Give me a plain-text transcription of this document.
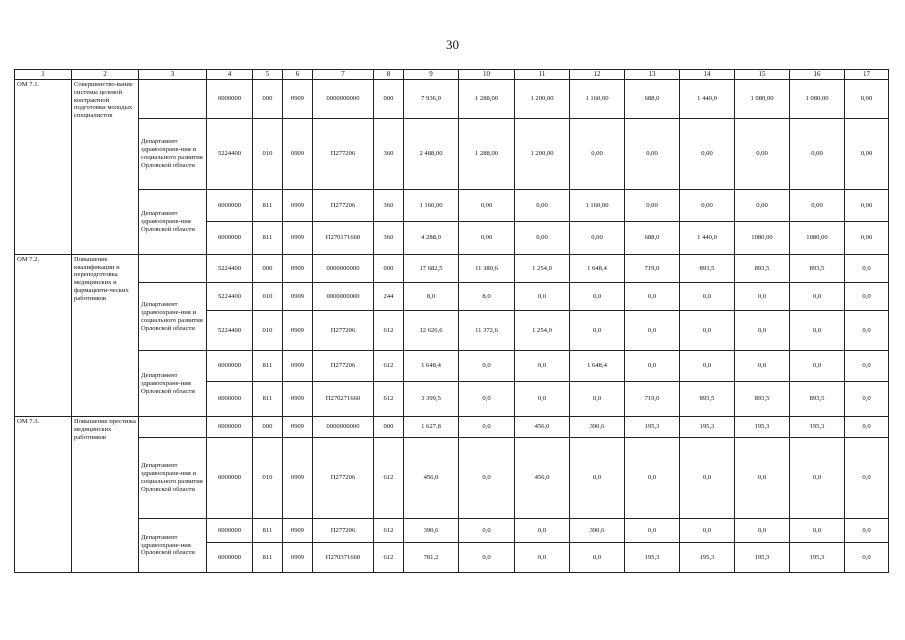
30
1	2	3	4	5	6	7	8	9	10	11	12	13	14	15	16	17
ОМ 7.1.	Совершенство-вание системы целевой контрактной подготовки молодых специалистов		0000000	000	0909	0000000000	000	7 936,0	1 288,00	1 200,00	1 160,00	688,0	1 440,0	1 080,00	1 080,00	0,00
		Департамент здравоохране-ния и социального развития Орловской области	5224400	010	0909	П277206	360	2 488,00	1 288,00	1 200,00	0,00	0,00	0,00	0,00	0,00	0,00
		Департамент здравоохране-ния Орловской области	0000000	811	0909	П277206	360	1 160,00	0,00	0,00	1 160,00	0,00	0,00	0,00	0,00	0,00
			0000000	811	0909	П270171660	360	4 288,0	0,00	0,00	0,00	688,0	1 440,0	1080,00	1080,00	0,00
ОМ 7.2.	Повышение квалификации и переподготовка медицинских и фармацевти-ческих работников		5224400	000	0909	0000000000	000	17 682,5	11 380,6	1 254,0	1 648,4	719,0	893,5	893,5	893,5	0,0
		Департамент здравоохране-ния и социального развития Орловской области	5224400	010	0909	0000000000	244	8,0	8,0	0,0	0,0	0,0	0,0	0,0	0,0	0,0
			5224400	010	0909	П277206	612	12 626,6	11 372,6	1 254,0	0,0	0,0	0,0	0,0	0,0	0,0
		Департамент здравоохране-ния Орловской области	0000000	811	0909	П277206	612	1 648,4	0,0	0,0	1 648,4	0,0	0,0	0,0	0,0	0,0
			0000000	811	0909	П270271660	612	3 399,5	0,0	0,0	0,0	719,0	893,5	893,5	893,5	0,0
ОМ 7.3.	Повышение престижа медицинских работников		0000000	000	0909	0000000000	000	1 627,8	0,0	456,0	390,6	195,3	195,3	195,3	195,3	0,0
		Департамент здравоохране-ния и социального развития Орловской области	0000000	010	0909	П277206	612	456,0	0,0	456,0	0,0	0,0	0,0	0,0	0,0	0,0
		Департамент здравоохране-ния Орловской области	0000000	811	0909	П277206	612	390,6	0,0	0,0	390,6	0,0	0,0	0,0	0,0	0,0
			0000000	811	0909	П270371660	612	781,2	0,0	0,0	0,0	195,3	195,3	195,3	195,3	0,0
